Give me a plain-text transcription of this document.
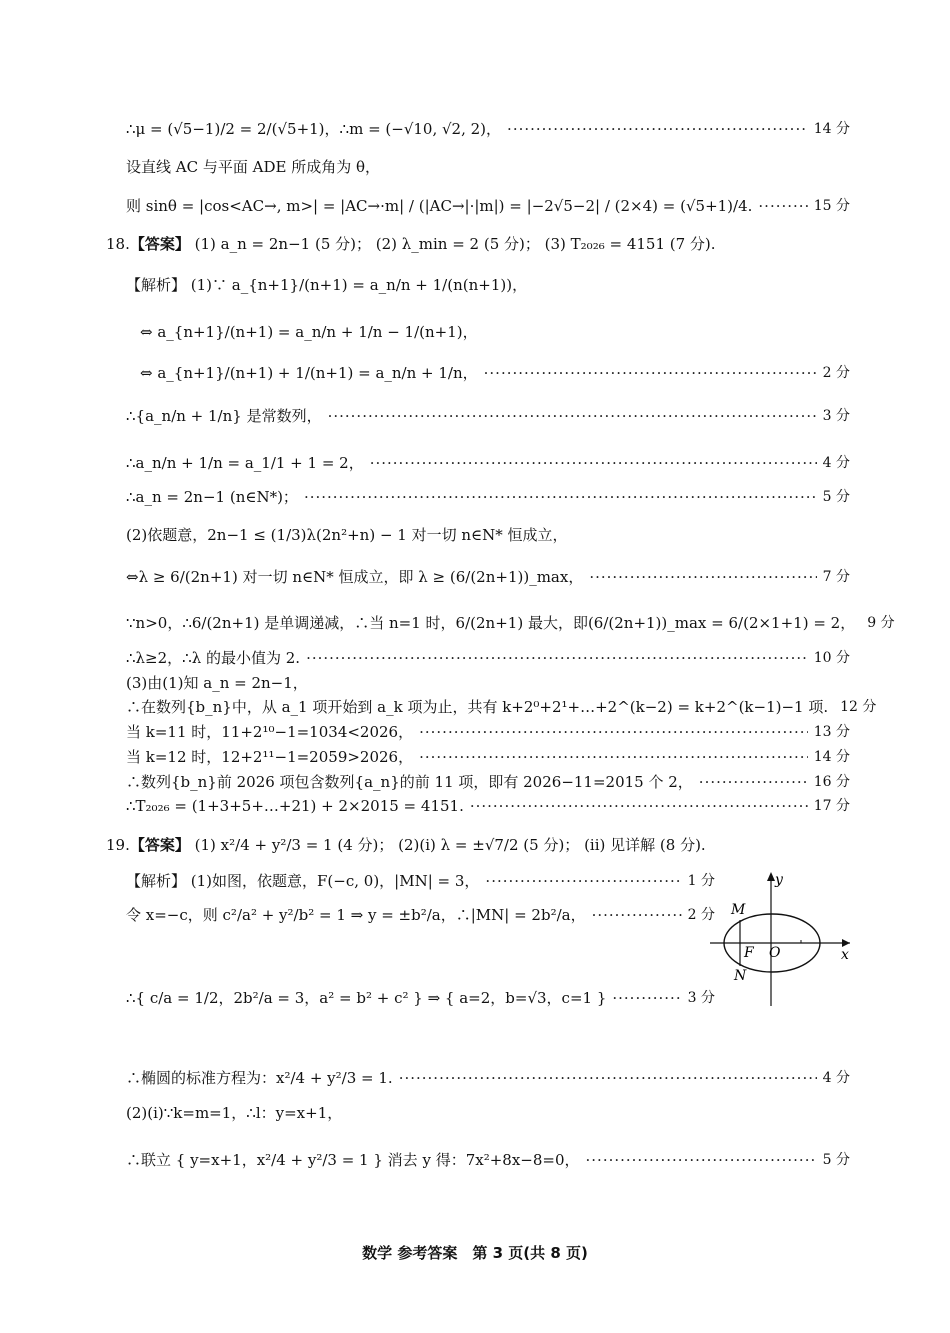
∴μ = (√5−1)/2 = 2/(√5+1)，∴m = (−√10, √2, 2)， ·····	14 分
设直线 AC 与平面 ADE 所成角为 θ，
则 sinθ = |cos<AC→, m>| = |AC→·m| / (|AC→|·|m|) = |−2√5−2| / (2×4) = (√5+1)/4. ·····	15 分
18.【答案】 (1) a_n = 2n−1 (5 分)； (2) λ_min = 2 (5 分)； (3) T₂₀₂₆ = 4151 (7 分).
【解析】 (1)∵ a_{n+1}/(n+1) = a_n/n + 1/(n(n+1))，
⇔ a_{n+1}/(n+1) = a_n/n + 1/n − 1/(n+1)，
⇔ a_{n+1}/(n+1) + 1/(n+1) = a_n/n + 1/n， ·····	2 分
∴{a_n/n + 1/n} 是常数列， ·····	3 分
∴a_n/n + 1/n = a_1/1 + 1 = 2， ·····	4 分
∴a_n = 2n−1 (n∈N*)； ·····	5 分
(2)依题意，2n−1 ≤ (1/3)λ(2n²+n) − 1 对一切 n∈N* 恒成立，
⇔λ ≥ 6/(2n+1) 对一切 n∈N* 恒成立，即 λ ≥ (6/(2n+1))_max， ·····	7 分
∵n>0，∴6/(2n+1) 是单调递减，∴当 n=1 时，6/(2n+1) 最大，即(6/(2n+1))_max = 6/(2×1+1) = 2， 9 分
∴λ≥2，∴λ 的最小值为 2. ·····	10 分
(3)由(1)知 a_n = 2n−1，
∴在数列{b_n}中，从 a_1 项开始到 a_k 项为止，共有 k+2⁰+2¹+…+2^(k−2) = k+2^(k−1)−1 项. 12 分
当 k=11 时，11+2¹⁰−1=1034<2026， ·····	13 分
当 k=12 时，12+2¹¹−1=2059>2026， ·····	14 分
∴数列{b_n}前 2026 项包含数列{a_n}的前 11 项，即有 2026−11=2015 个 2， ·····	16 分
∴T₂₀₂₆ = (1+3+5+…+21) + 2×2015 = 4151. ·····	17 分
19.【答案】 (1) x²/4 + y²/3 = 1 (4 分)； (2)(i) λ = ±√7/2 (5 分)； (ii) 见详解 (8 分).
【解析】 (1)如图，依题意，F(−c, 0)，|MN| = 3， ·····	1 分
令 x=−c，则 c²/a² + y²/b² = 1 ⇒ y = ±b²/a，∴|MN| = 2b²/a， ·····	2 分
∴{ c/a = 1/2，2b²/a = 3，a² = b² + c² } ⇒ { a=2，b=√3，c=1 } ·····	3 分
∴椭圆的标准方程为：x²/4 + y²/3 = 1. ·····	4 分
(2)(i)∵k=m=1，∴l：y=x+1，
∴联立 { y=x+1，x²/4 + y²/3 = 1 } 消去 y 得：7x²+8x−8=0， ·····	5 分
y
x
M
N
F O
数学 参考答案　第 3 页(共 8 页)
